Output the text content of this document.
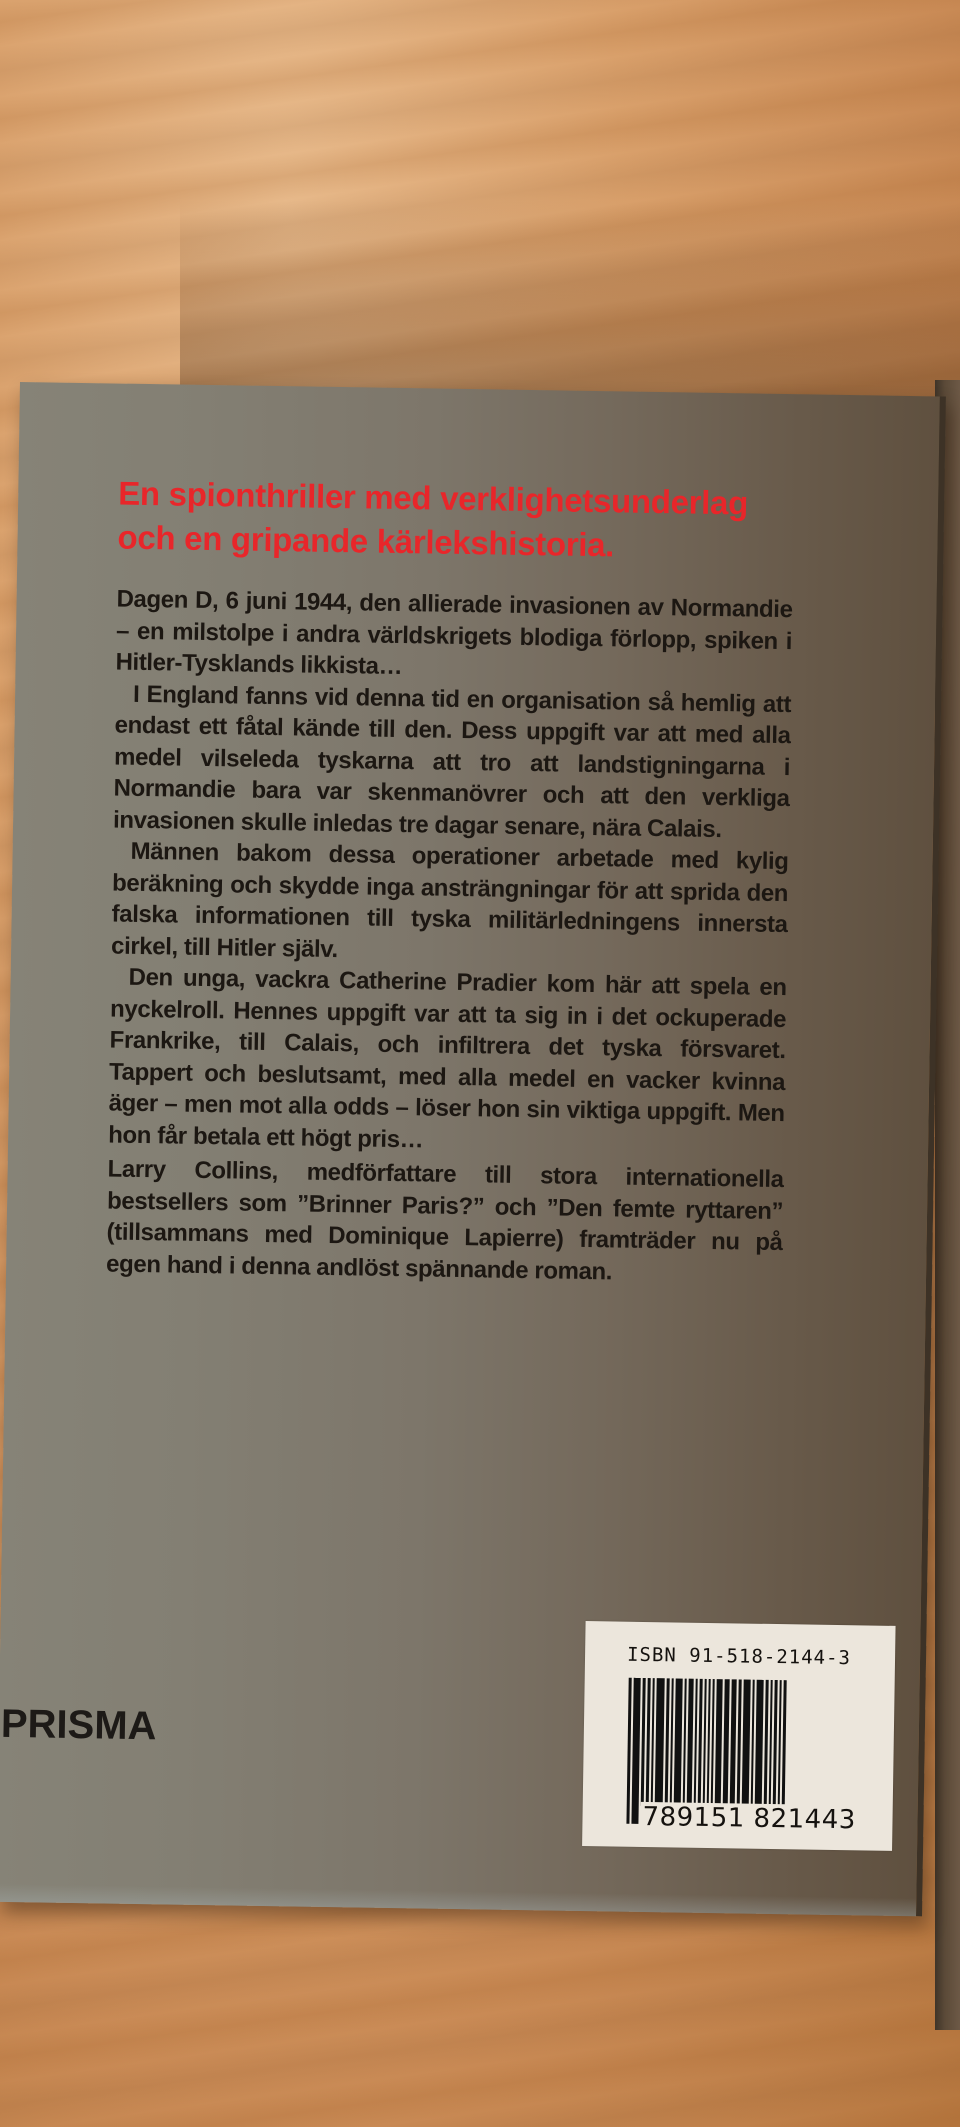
En spionthriller med verklighetsunderlag
och en gripande kärlekshistoria.

Dagen D, 6 juni 1944, den allierade invasionen av Normandie – en milstolpe i andra världskrigets blodiga förlopp, spiken i Hitler-Tysklands likkista…

I England fanns vid denna tid en organisation så hemlig att endast ett fåtal kände till den. Dess uppgift var att med alla medel vilseleda tyskarna att tro att landstigningarna i Normandie bara var skenmanövrer och att den verkliga invasionen skulle inledas tre dagar senare, nära Calais.

Männen bakom dessa operationer arbetade med kylig beräkning och skydde inga ansträngningar för att sprida den falska informationen till tyska militärledningens innersta cirkel, till Hitler själv.

Den unga, vackra Catherine Pradier kom här att spela en nyckelroll. Hennes uppgift var att ta sig in i det ockuperade Frankrike, till Calais, och infiltrera det tyska försvaret. Tappert och beslutsamt, med alla medel en vacker kvinna äger – men mot alla odds – löser hon sin viktiga uppgift. Men hon får betala ett högt pris…

Larry Collins, medförfattare till stora internationella bestsellers som ”Brinner Paris?” och ”Den femte ryttaren” (tillsammans med Dominique Lapierre) framträder nu på egen hand i denna andlöst spännande roman.
PRISMA
ISBN 91-518-2144-3
789151 821443
